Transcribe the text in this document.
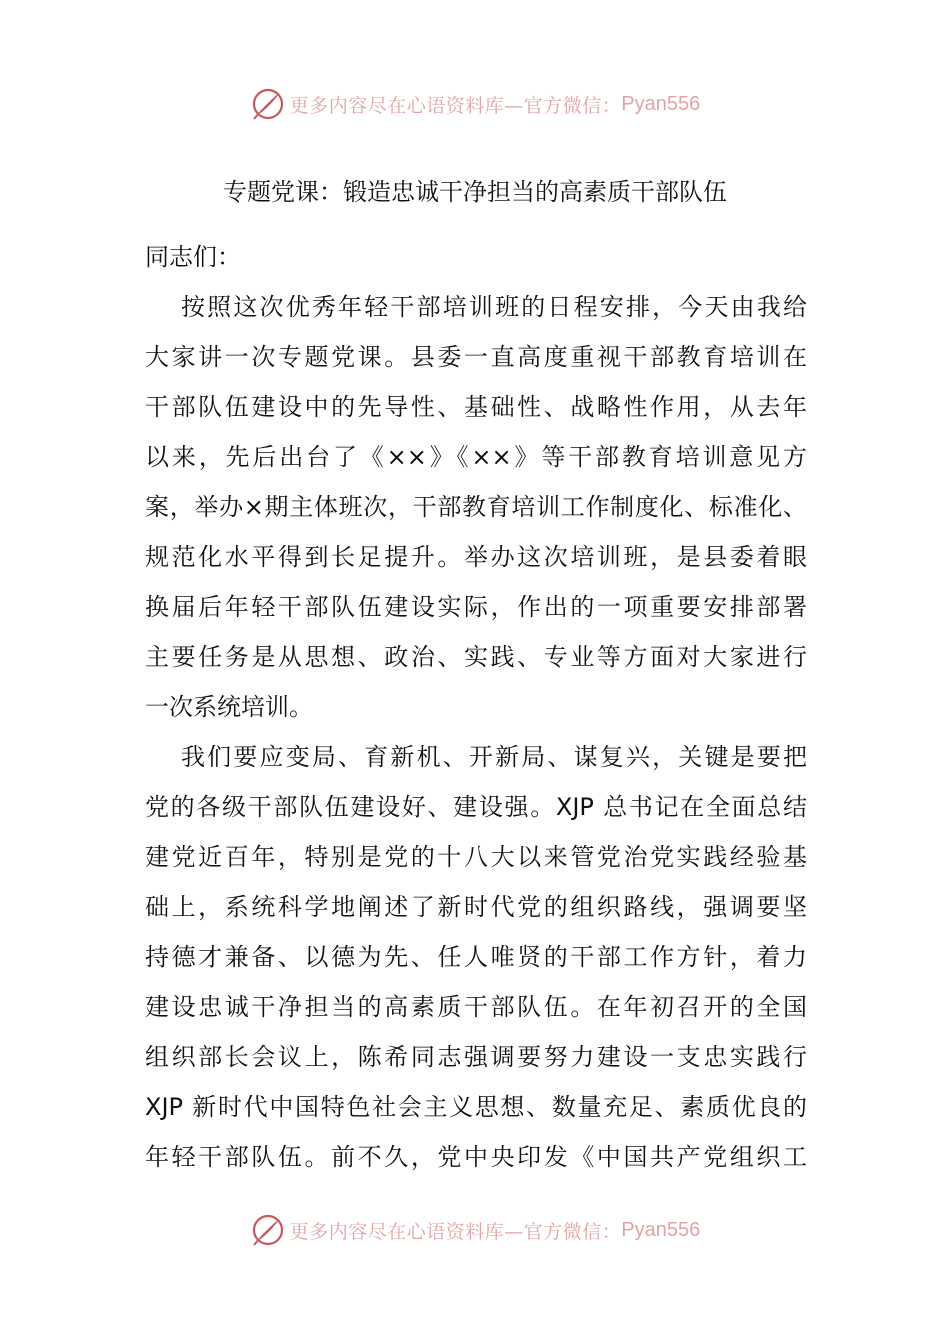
更多内容尽在心语资料库—官方微信： Pyan556
专题党课：锻造忠诚干净担当的高素质干部队伍

同志们：

按照这次优秀年轻干部培训班的日程安排，今天由我给
大家讲一次专题党课。县委一直高度重视干部教育培训在
干部队伍建设中的先导性、基础性、战略性作用，从去年
以来，先后出台了《××》《××》等干部教育培训意见方
案，举办×期主体班次，干部教育培训工作制度化、标准化、
规范化水平得到长足提升。举办这次培训班，是县委着眼
换届后年轻干部队伍建设实际，作出的一项重要安排部署
主要任务是从思想、政治、实践、专业等方面对大家进行
一次系统培训。

我们要应变局、育新机、开新局、谋复兴，关键是要把
党的各级干部队伍建设好、建设强。XJP 总书记在全面总结
建党近百年，特别是党的十八大以来管党治党实践经验基
础上，系统科学地阐述了新时代党的组织路线，强调要坚
持德才兼备、以德为先、任人唯贤的干部工作方针，着力
建设忠诚干净担当的高素质干部队伍。在年初召开的全国
组织部长会议上，陈希同志强调要努力建设一支忠实践行
XJP 新时代中国特色社会主义思想、数量充足、素质优良的
年轻干部队伍。前不久，党中央印发《中国共产党组织工

更多内容尽在心语资料库—官方微信： Pyan556
